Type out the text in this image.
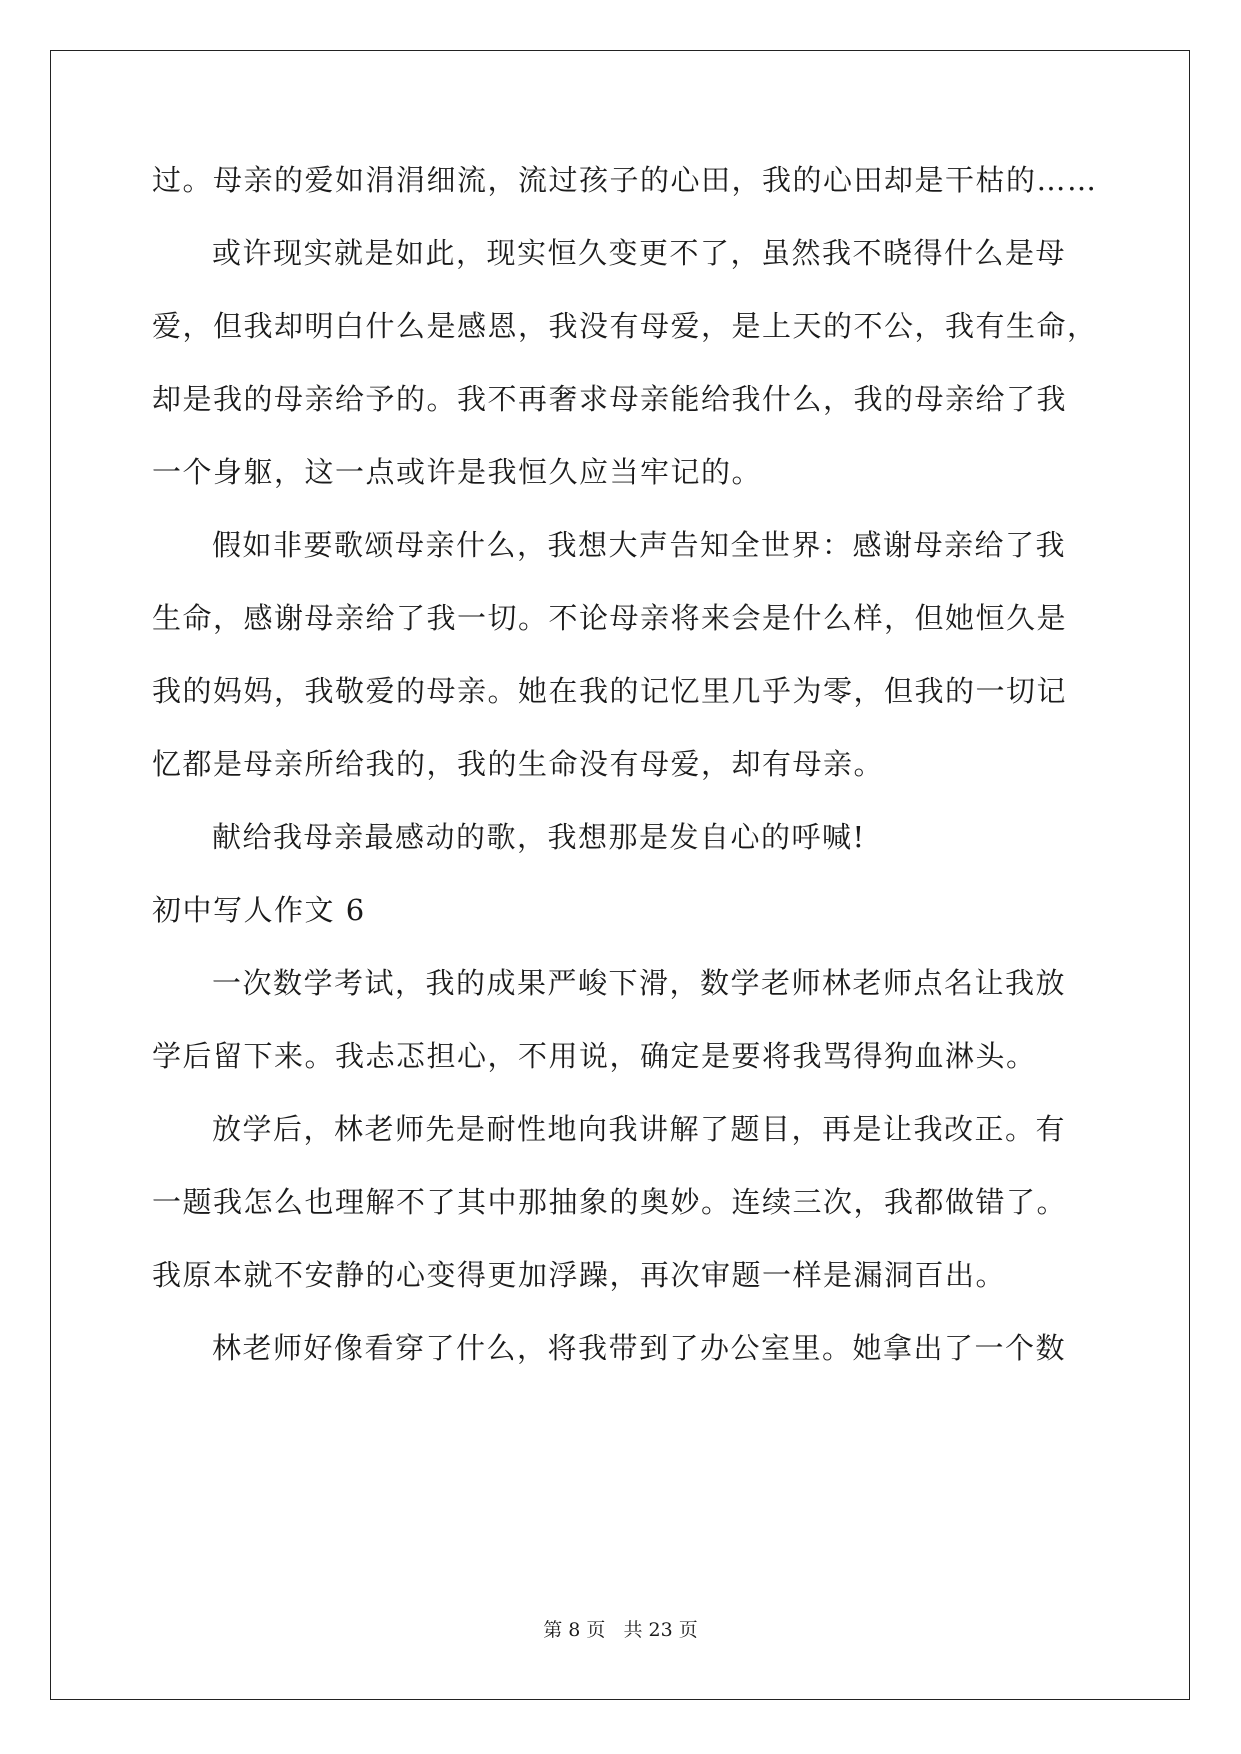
过。母亲的爱如涓涓细流，流过孩子的心田，我的心田却是干枯的……
或许现实就是如此，现实恒久变更不了，虽然我不晓得什么是母
爱，但我却明白什么是感恩，我没有母爱，是上天的不公，我有生命，
却是我的母亲给予的。我不再奢求母亲能给我什么，我的母亲给了我
一个身躯，这一点或许是我恒久应当牢记的。
假如非要歌颂母亲什么，我想大声告知全世界：感谢母亲给了我
生命，感谢母亲给了我一切。不论母亲将来会是什么样，但她恒久是
我的妈妈，我敬爱的母亲。她在我的记忆里几乎为零，但我的一切记
忆都是母亲所给我的，我的生命没有母爱，却有母亲。
献给我母亲最感动的歌，我想那是发自心的呼喊!
初中写人作文 6
一次数学考试，我的成果严峻下滑，数学老师林老师点名让我放
学后留下来。我忐忑担心，不用说，确定是要将我骂得狗血淋头。
放学后，林老师先是耐性地向我讲解了题目，再是让我改正。有
一题我怎么也理解不了其中那抽象的奥妙。连续三次，我都做错了。
我原本就不安静的心变得更加浮躁，再次审题一样是漏洞百出。
林老师好像看穿了什么，将我带到了办公室里。她拿出了一个数
第 8 页 共 23 页
